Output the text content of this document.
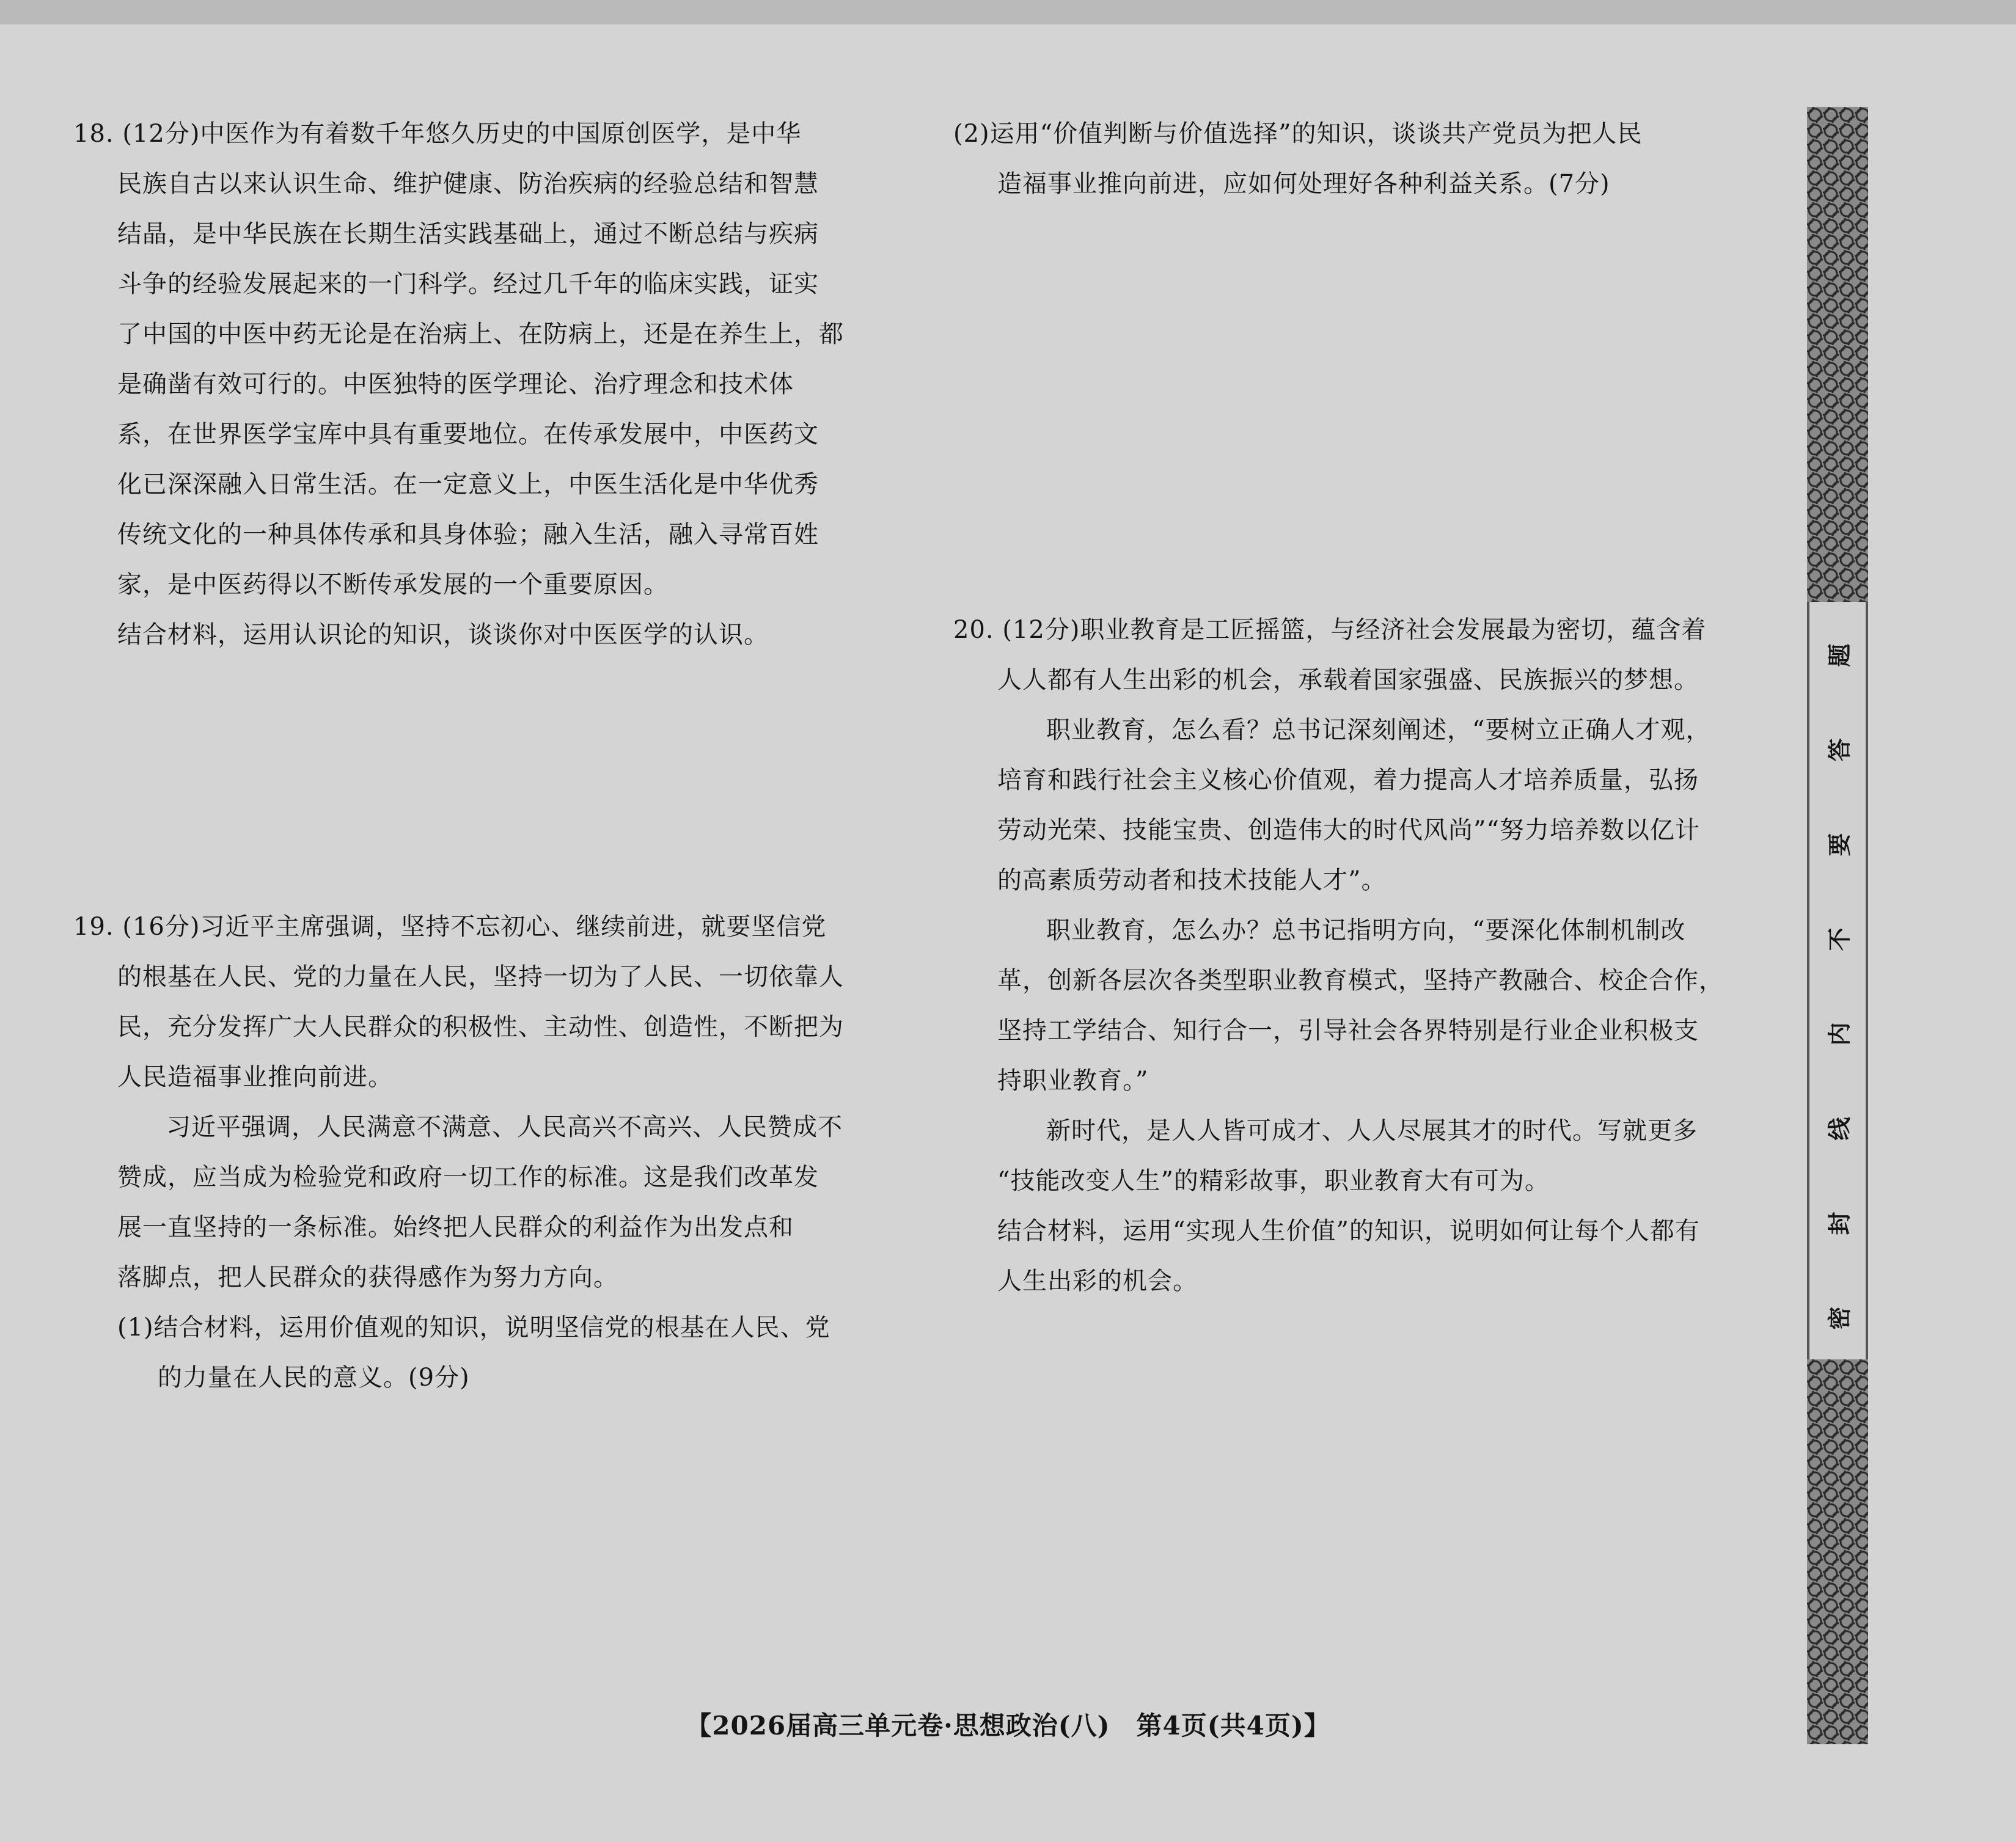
18. (12分)中医作为有着数千年悠久历史的中国原创医学，是中华
民族自古以来认识生命、维护健康、防治疾病的经验总结和智慧
结晶，是中华民族在长期生活实践基础上，通过不断总结与疾病
斗争的经验发展起来的一门科学。经过几千年的临床实践，证实
了中国的中医中药无论是在治病上、在防病上，还是在养生上，都
是确凿有效可行的。中医独特的医学理论、治疗理念和技术体
系，在世界医学宝库中具有重要地位。在传承发展中，中医药文
化已深深融入日常生活。在一定意义上，中医生活化是中华优秀
传统文化的一种具体传承和具身体验；融入生活，融入寻常百姓
家，是中医药得以不断传承发展的一个重要原因。
结合材料，运用认识论的知识，谈谈你对中医医学的认识。
19. (16分)习近平主席强调，坚持不忘初心、继续前进，就要坚信党
的根基在人民、党的力量在人民，坚持一切为了人民、一切依靠人
民，充分发挥广大人民群众的积极性、主动性、创造性，不断把为
人民造福事业推向前进。
习近平强调，人民满意不满意、人民高兴不高兴、人民赞成不
赞成，应当成为检验党和政府一切工作的标准。这是我们改革发
展一直坚持的一条标准。始终把人民群众的利益作为出发点和
落脚点，把人民群众的获得感作为努力方向。
(1)结合材料，运用价值观的知识，说明坚信党的根基在人民、党
的力量在人民的意义。(9分)
(2)运用“价值判断与价值选择”的知识，谈谈共产党员为把人民
造福事业推向前进，应如何处理好各种利益关系。(7分)
20. (12分)职业教育是工匠摇篮，与经济社会发展最为密切，蕴含着
人人都有人生出彩的机会，承载着国家强盛、民族振兴的梦想。
职业教育，怎么看？总书记深刻阐述，“要树立正确人才观，
培育和践行社会主义核心价值观，着力提高人才培养质量，弘扬
劳动光荣、技能宝贵、创造伟大的时代风尚”“努力培养数以亿计
的高素质劳动者和技术技能人才”。
职业教育，怎么办？总书记指明方向，“要深化体制机制改
革，创新各层次各类型职业教育模式，坚持产教融合、校企合作，
坚持工学结合、知行合一，引导社会各界特别是行业企业积极支
持职业教育。”
新时代，是人人皆可成才、人人尽展其才的时代。写就更多
“技能改变人生”的精彩故事，职业教育大有可为。
结合材料，运用“实现人生价值”的知识，说明如何让每个人都有
人生出彩的机会。
题
答
要
不
内
线
封
密
【2026届高三单元卷·思想政治(八)　第4页(共4页)】
